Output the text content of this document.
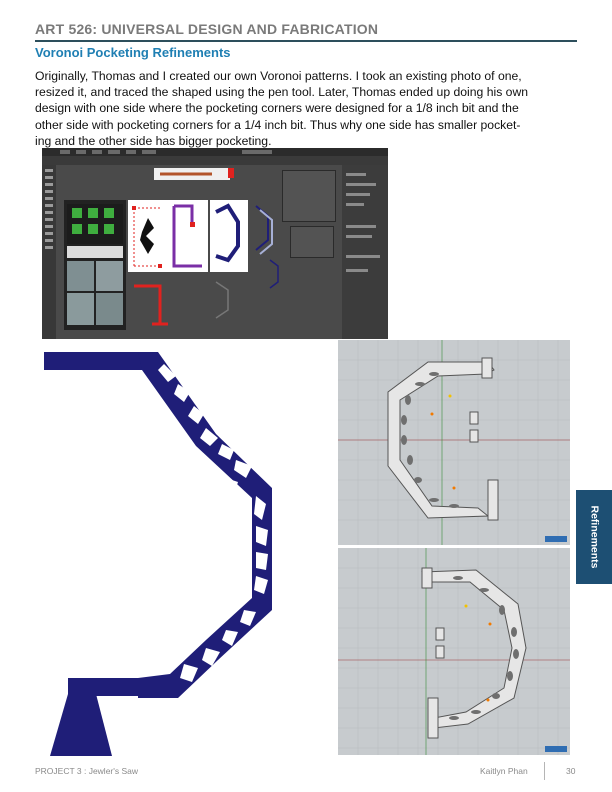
ART 526: UNIVERSAL DESIGN AND FABRICATION
Voronoi Pocketing Refinements
Originally, Thomas and I created our own Voronoi patterns. I took an existing photo of one,
resized it, and traced the shaped using the pen tool. Later, Thomas ended up doing his own
design with one side where the pocketing corners were designed for a 1/8 inch bit and the
other side with pocketing corners for a 1/4 inch bit. Thus why one side has smaller pocket-
ing and the other side has bigger pocketing.
Refinements
PROJECT 3 : Jewler's Saw	Kaitlyn Phan	30
